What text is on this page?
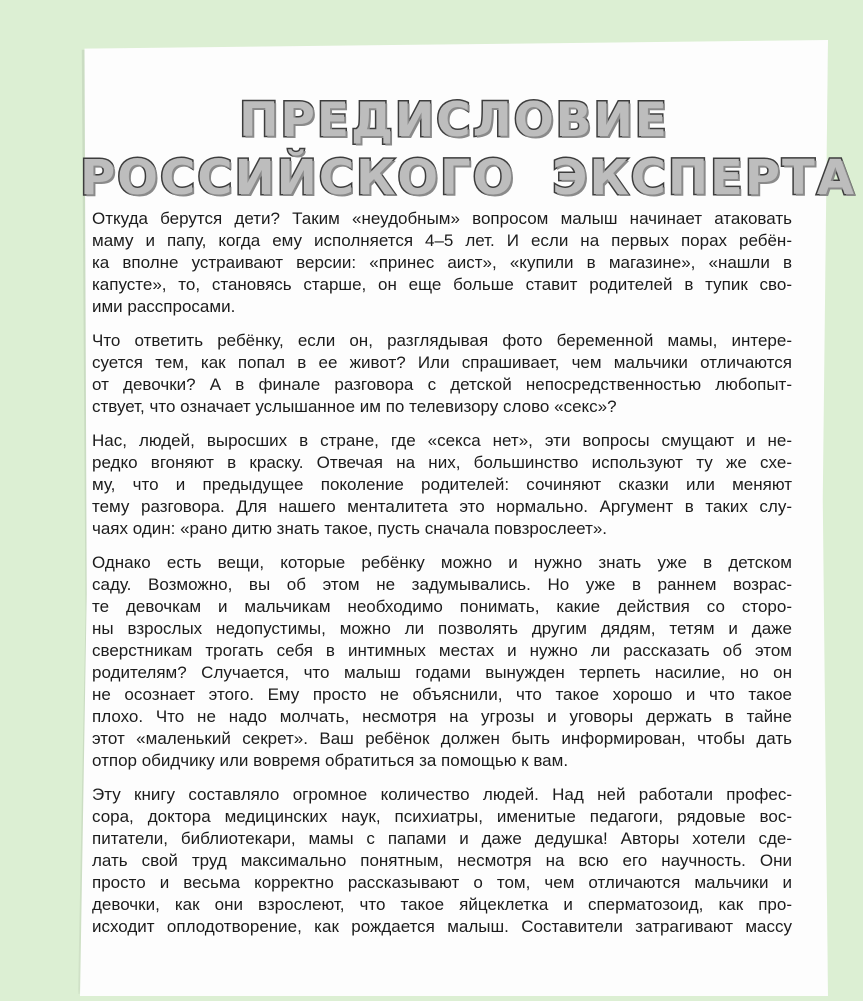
ПРЕДИСЛОВИЕ
РОССИЙСКОГО ЭКСПЕРТА
Откуда берутся дети? Таким «неудобным» вопросом малыш начинает атаковать
маму и папу, когда ему исполняется 4–5 лет. И если на первых порах ребён-
ка вполне устраивают версии: «принес аист», «купили в магазине», «нашли в
капусте», то, становясь старше, он еще больше ставит родителей в тупик сво-
ими расспросами.
Что ответить ребёнку, если он, разглядывая фото беременной мамы, интере-
суется тем, как попал в ее живот? Или спрашивает, чем мальчики отличаются
от девочки? А в финале разговора с детской непосредственностью любопыт-
ствует, что означает услышанное им по телевизору слово «секс»?
Нас, людей, выросших в стране, где «секса нет», эти вопросы смущают и не-
редко вгоняют в краску. Отвечая на них, большинство используют ту же схе-
му, что и предыдущее поколение родителей: сочиняют сказки или меняют
тему разговора. Для нашего менталитета это нормально. Аргумент в таких слу-
чаях один: «рано дитю знать такое, пусть сначала повзрослеет».
Однако есть вещи, которые ребёнку можно и нужно знать уже в детском
саду. Возможно, вы об этом не задумывались. Но уже в раннем возрас-
те девочкам и мальчикам необходимо понимать, какие действия со сторо-
ны взрослых недопустимы, можно ли позволять другим дядям, тетям и даже
сверстникам трогать себя в интимных местах и нужно ли рассказать об этом
родителям? Случается, что малыш годами вынужден терпеть насилие, но он
не осознает этого. Ему просто не объяснили, что такое хорошо и что такое
плохо. Что не надо молчать, несмотря на угрозы и уговоры держать в тайне
этот «маленький секрет». Ваш ребёнок должен быть информирован, чтобы дать
отпор обидчику или вовремя обратиться за помощью к вам.
Эту книгу составляло огромное количество людей. Над ней работали профес-
сора, доктора медицинских наук, психиатры, именитые педагоги, рядовые вос-
питатели, библиотекари, мамы с папами и даже дедушка! Авторы хотели сде-
лать свой труд максимально понятным, несмотря на всю его научность. Они
просто и весьма корректно рассказывают о том, чем отличаются мальчики и
девочки, как они взрослеют, что такое яйцеклетка и сперматозоид, как про-
исходит оплодотворение, как рождается малыш. Составители затрагивают массу
